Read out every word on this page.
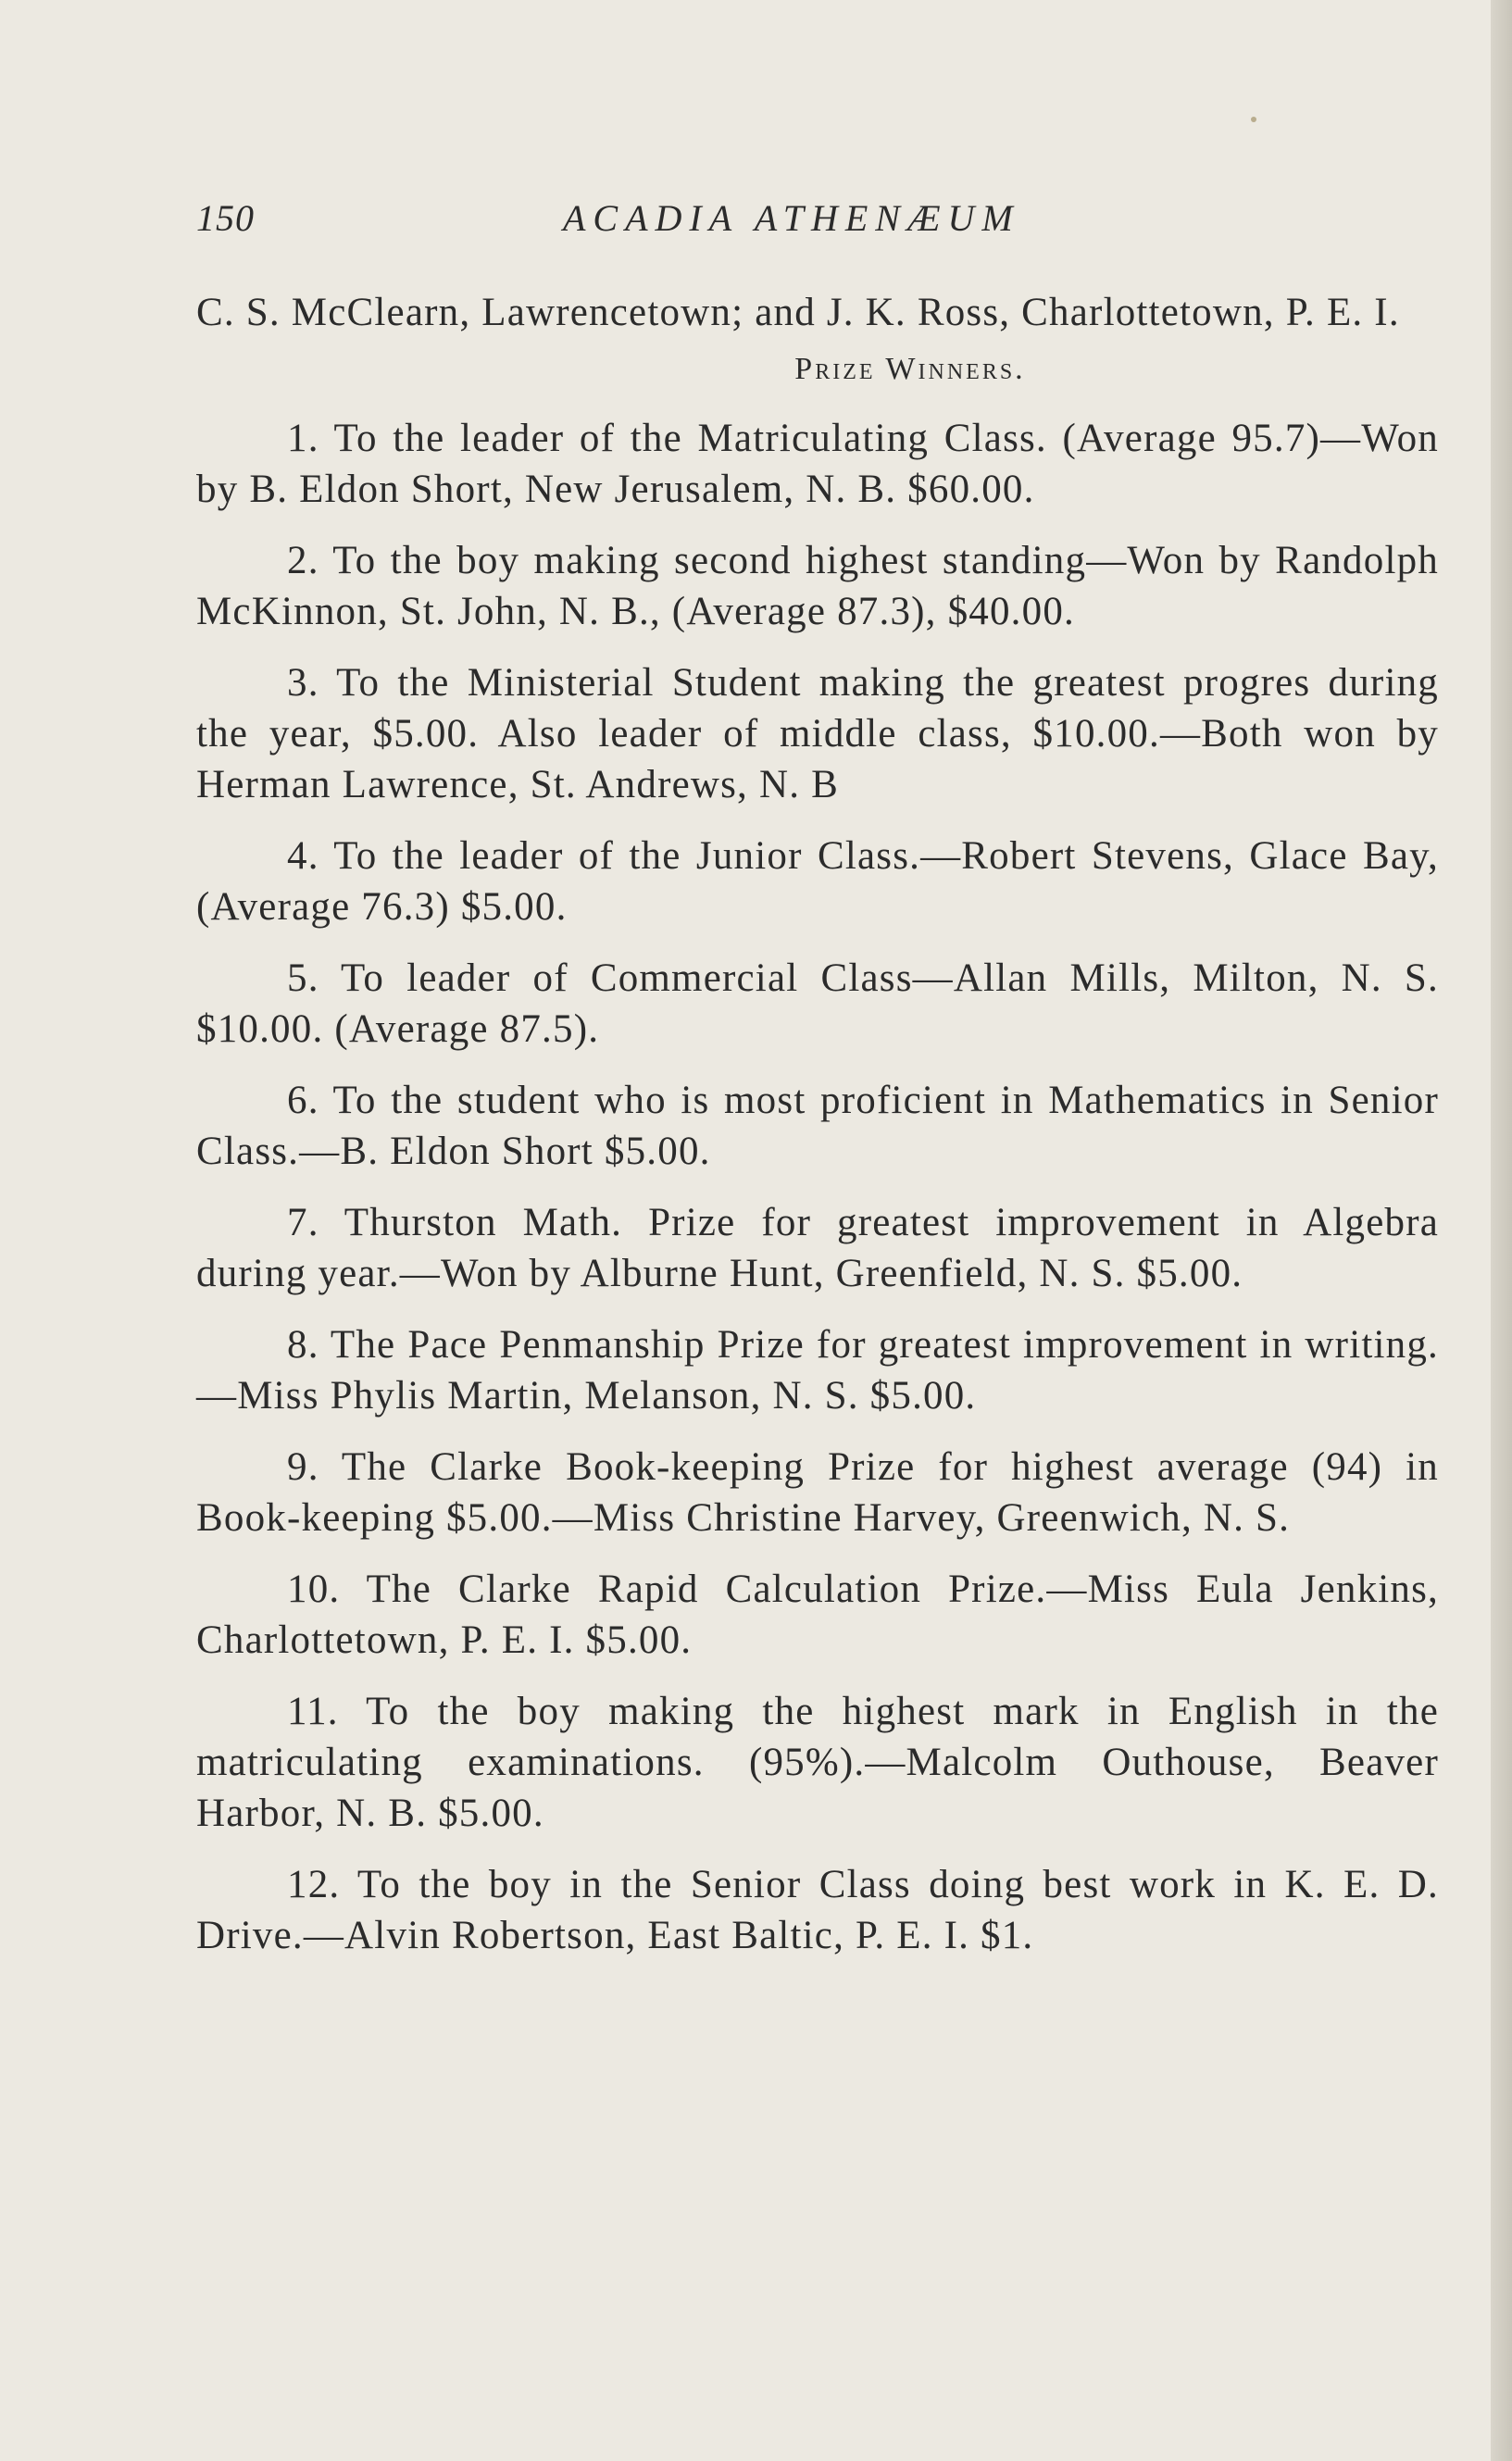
150	ACADIA ATHENÆUM

C. S. McClearn, Lawrencetown; and J. K. Ross, Charlottetown, P. E. I.

Prize Winners.

1. To the leader of the Matriculating Class. (Average 95.7)—Won by B. Eldon Short, New Jerusalem, N. B. $60.00.

2. To the boy making second highest standing—Won by Randolph McKinnon, St. John, N. B., (Average 87.3), $40.00.

3. To the Ministerial Student making the greatest progres during the year, $5.00. Also leader of middle class, $10.00.—Both won by Herman Lawrence, St. Andrews, N. B

4. To the leader of the Junior Class.—Robert Stevens, Glace Bay, (Average 76.3) $5.00.

5. To leader of Commercial Class—Allan Mills, Milton, N. S. $10.00. (Average 87.5).

6. To the student who is most proficient in Mathematics in Senior Class.—B. Eldon Short $5.00.

7. Thurston Math. Prize for greatest improvement in Algebra during year.—Won by Alburne Hunt, Greenfield, N. S. $5.00.

8. The Pace Penmanship Prize for greatest improvement in writing.—Miss Phylis Martin, Melanson, N. S. $5.00.

9. The Clarke Book-keeping Prize for highest average (94) in Book-keeping $5.00.—Miss Christine Harvey, Greenwich, N. S.

10. The Clarke Rapid Calculation Prize.—Miss Eula Jenkins, Charlottetown, P. E. I. $5.00.

11. To the boy making the highest mark in English in the matriculating examinations. (95%).—Malcolm Outhouse, Beaver Harbor, N. B. $5.00.

12. To the boy in the Senior Class doing best work in K. E. D. Drive.—Alvin Robertson, East Baltic, P. E. I. $1.
